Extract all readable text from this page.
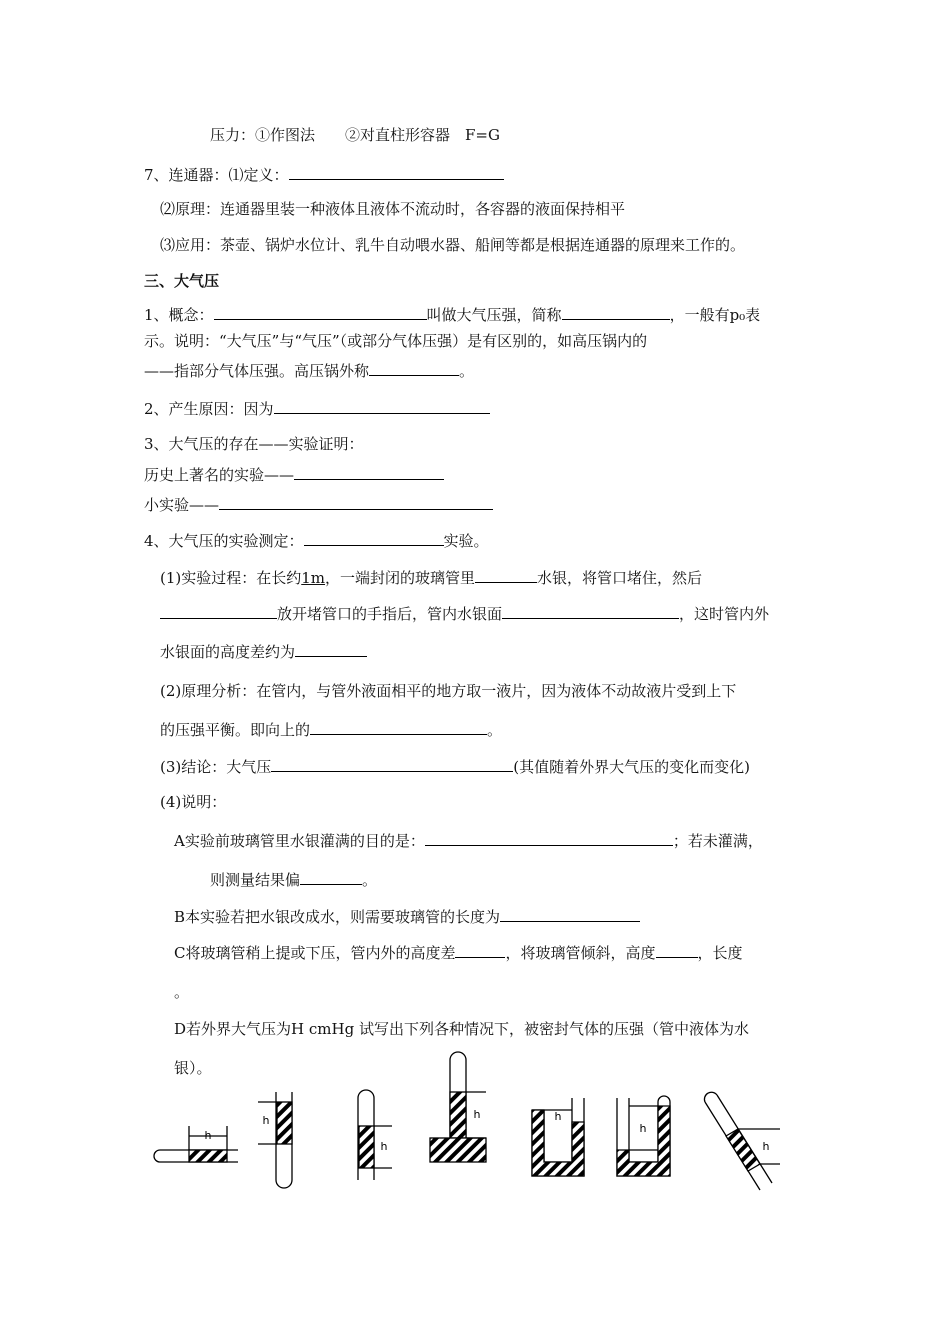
压力：①作图法　　②对直柱形容器　F=G
7、连通器：⑴定义：
⑵原理：连通器里装一种液体且液体不流动时，各容器的液面保持相平
⑶应用：茶壶、锅炉水位计、乳牛自动喂水器、船闸等都是根据连通器的原理来工作的。
三、大气压
1、概念：	叫做大气压强，简称	，一般有p₀表
示。说明：“大气压”与“气压”（或部分气体压强）是有区别的，如高压锅内的
——指部分气体压强。高压锅外称	。
2、产生原因：因为
3、大气压的存在——实验证明：
历史上著名的实验——
小实验——
4、大气压的实验测定：	实验。
(1)实验过程：在长约1m，一端封闭的玻璃管里	水银，将管口堵住，然后
放开堵管口的手指后，管内水银面	，这时管内外
水银面的高度差约为
(2)原理分析：在管内，与管外液面相平的地方取一液片，因为液体不动故液片受到上下
的压强平衡。即向上的	。
(3)结论：大气压	(其值随着外界大气压的变化而变化)
(4)说明：
A实验前玻璃管里水银灌满的目的是：	；若未灌满，
则测量结果偏	。
B本实验若把水银改成水，则需要玻璃管的长度为
C将玻璃管稍上提或下压，管内外的高度差	，将玻璃管倾斜，高度	，长度
。
D若外界大气压为H cmHg 试写出下列各种情况下，被密封气体的压强（管中液体为水
银）。
h
h
h
h	h
h
h
